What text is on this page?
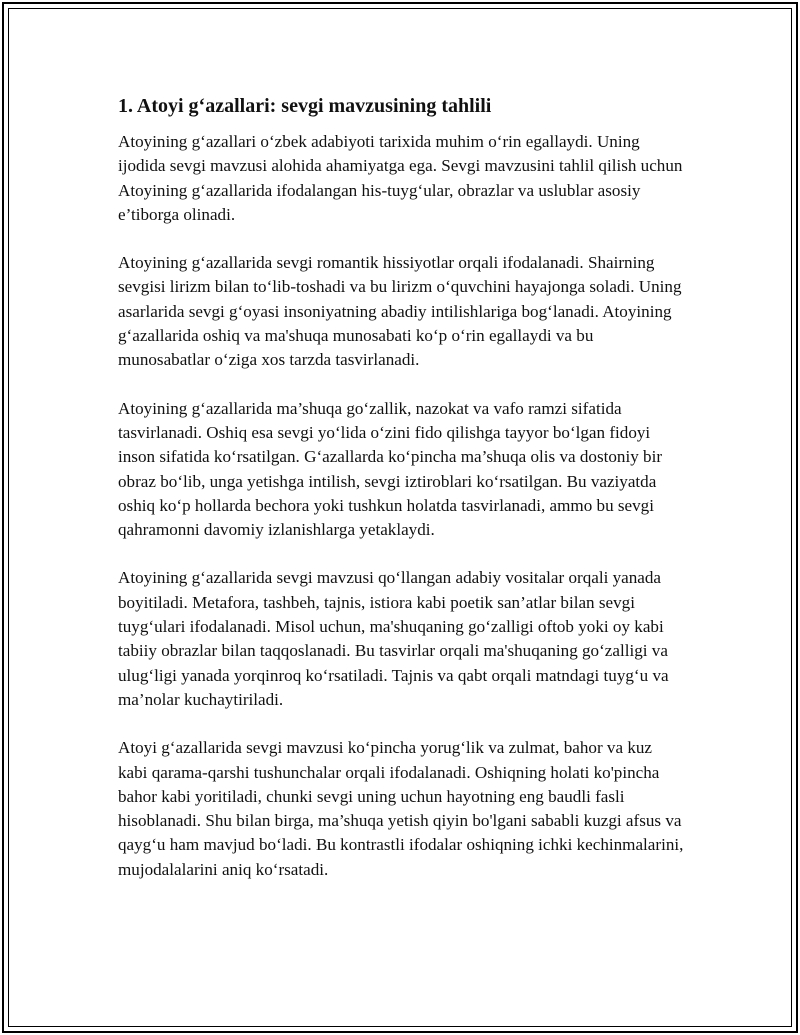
1. Atoyi g‘azallari: sevgi mavzusining tahlili

Atoyining g‘azallari o‘zbek adabiyoti tarixida muhim o‘rin egallaydi. Uning ijodida sevgi mavzusi alohida ahamiyatga ega. Sevgi mavzusini tahlil qilish uchun Atoyining g‘azallarida ifodalangan his-tuyg‘ular, obrazlar va uslublar asosiy e’tiborga olinadi.

Atoyining g‘azallarida sevgi romantik hissiyotlar orqali ifodalanadi. Shairning sevgisi lirizm bilan to‘lib-toshadi va bu lirizm o‘quvchini hayajonga soladi. Uning asarlarida sevgi g‘oyasi insoniyatning abadiy intilishlariga bog‘lanadi. Atoyining g‘azallarida oshiq va ma'shuqa munosabati ko‘p o‘rin egallaydi va bu munosabatlar o‘ziga xos tarzda tasvirlanadi.

Atoyining g‘azallarida ma’shuqa go‘zallik, nazokat va vafo ramzi sifatida tasvirlanadi. Oshiq esa sevgi yo‘lida o‘zini fido qilishga tayyor bo‘lgan fidoyi inson sifatida ko‘rsatilgan. G‘azallarda ko‘pincha ma’shuqa olis va dostoniy bir obraz bo‘lib, unga yetishga intilish, sevgi iztiroblari ko‘rsatilgan. Bu vaziyatda oshiq ko‘p hollarda bechora yoki tushkun holatda tasvirlanadi, ammo bu sevgi qahramonni davomiy izlanishlarga yetaklaydi.

Atoyining g‘azallarida sevgi mavzusi qo‘llangan adabiy vositalar orqali yanada boyitiladi. Metafora, tashbeh, tajnis, istiora kabi poetik san’atlar bilan sevgi tuyg‘ulari ifodalanadi. Misol uchun, ma'shuqaning go‘zalligi oftob yoki oy kabi tabiiy obrazlar bilan taqqoslanadi. Bu tasvirlar orqali ma'shuqaning go‘zalligi va ulug‘ligi yanada yorqinroq ko‘rsatiladi. Tajnis va qabt orqali matndagi tuyg‘u va ma’nolar kuchaytiriladi.

Atoyi g‘azallarida sevgi mavzusi ko‘pincha yorug‘lik va zulmat, bahor va kuz kabi qarama-qarshi tushunchalar orqali ifodalanadi. Oshiqning holati ko'pincha bahor kabi yoritiladi, chunki sevgi uning uchun hayotning eng baudli fasli hisoblanadi. Shu bilan birga, ma’shuqa yetish qiyin bo'lgani sababli kuzgi afsus va qayg‘u ham mavjud bo‘ladi. Bu kontrastli ifodalar oshiqning ichki kechinmalarini, mujodalalarini aniq ko‘rsatadi.
